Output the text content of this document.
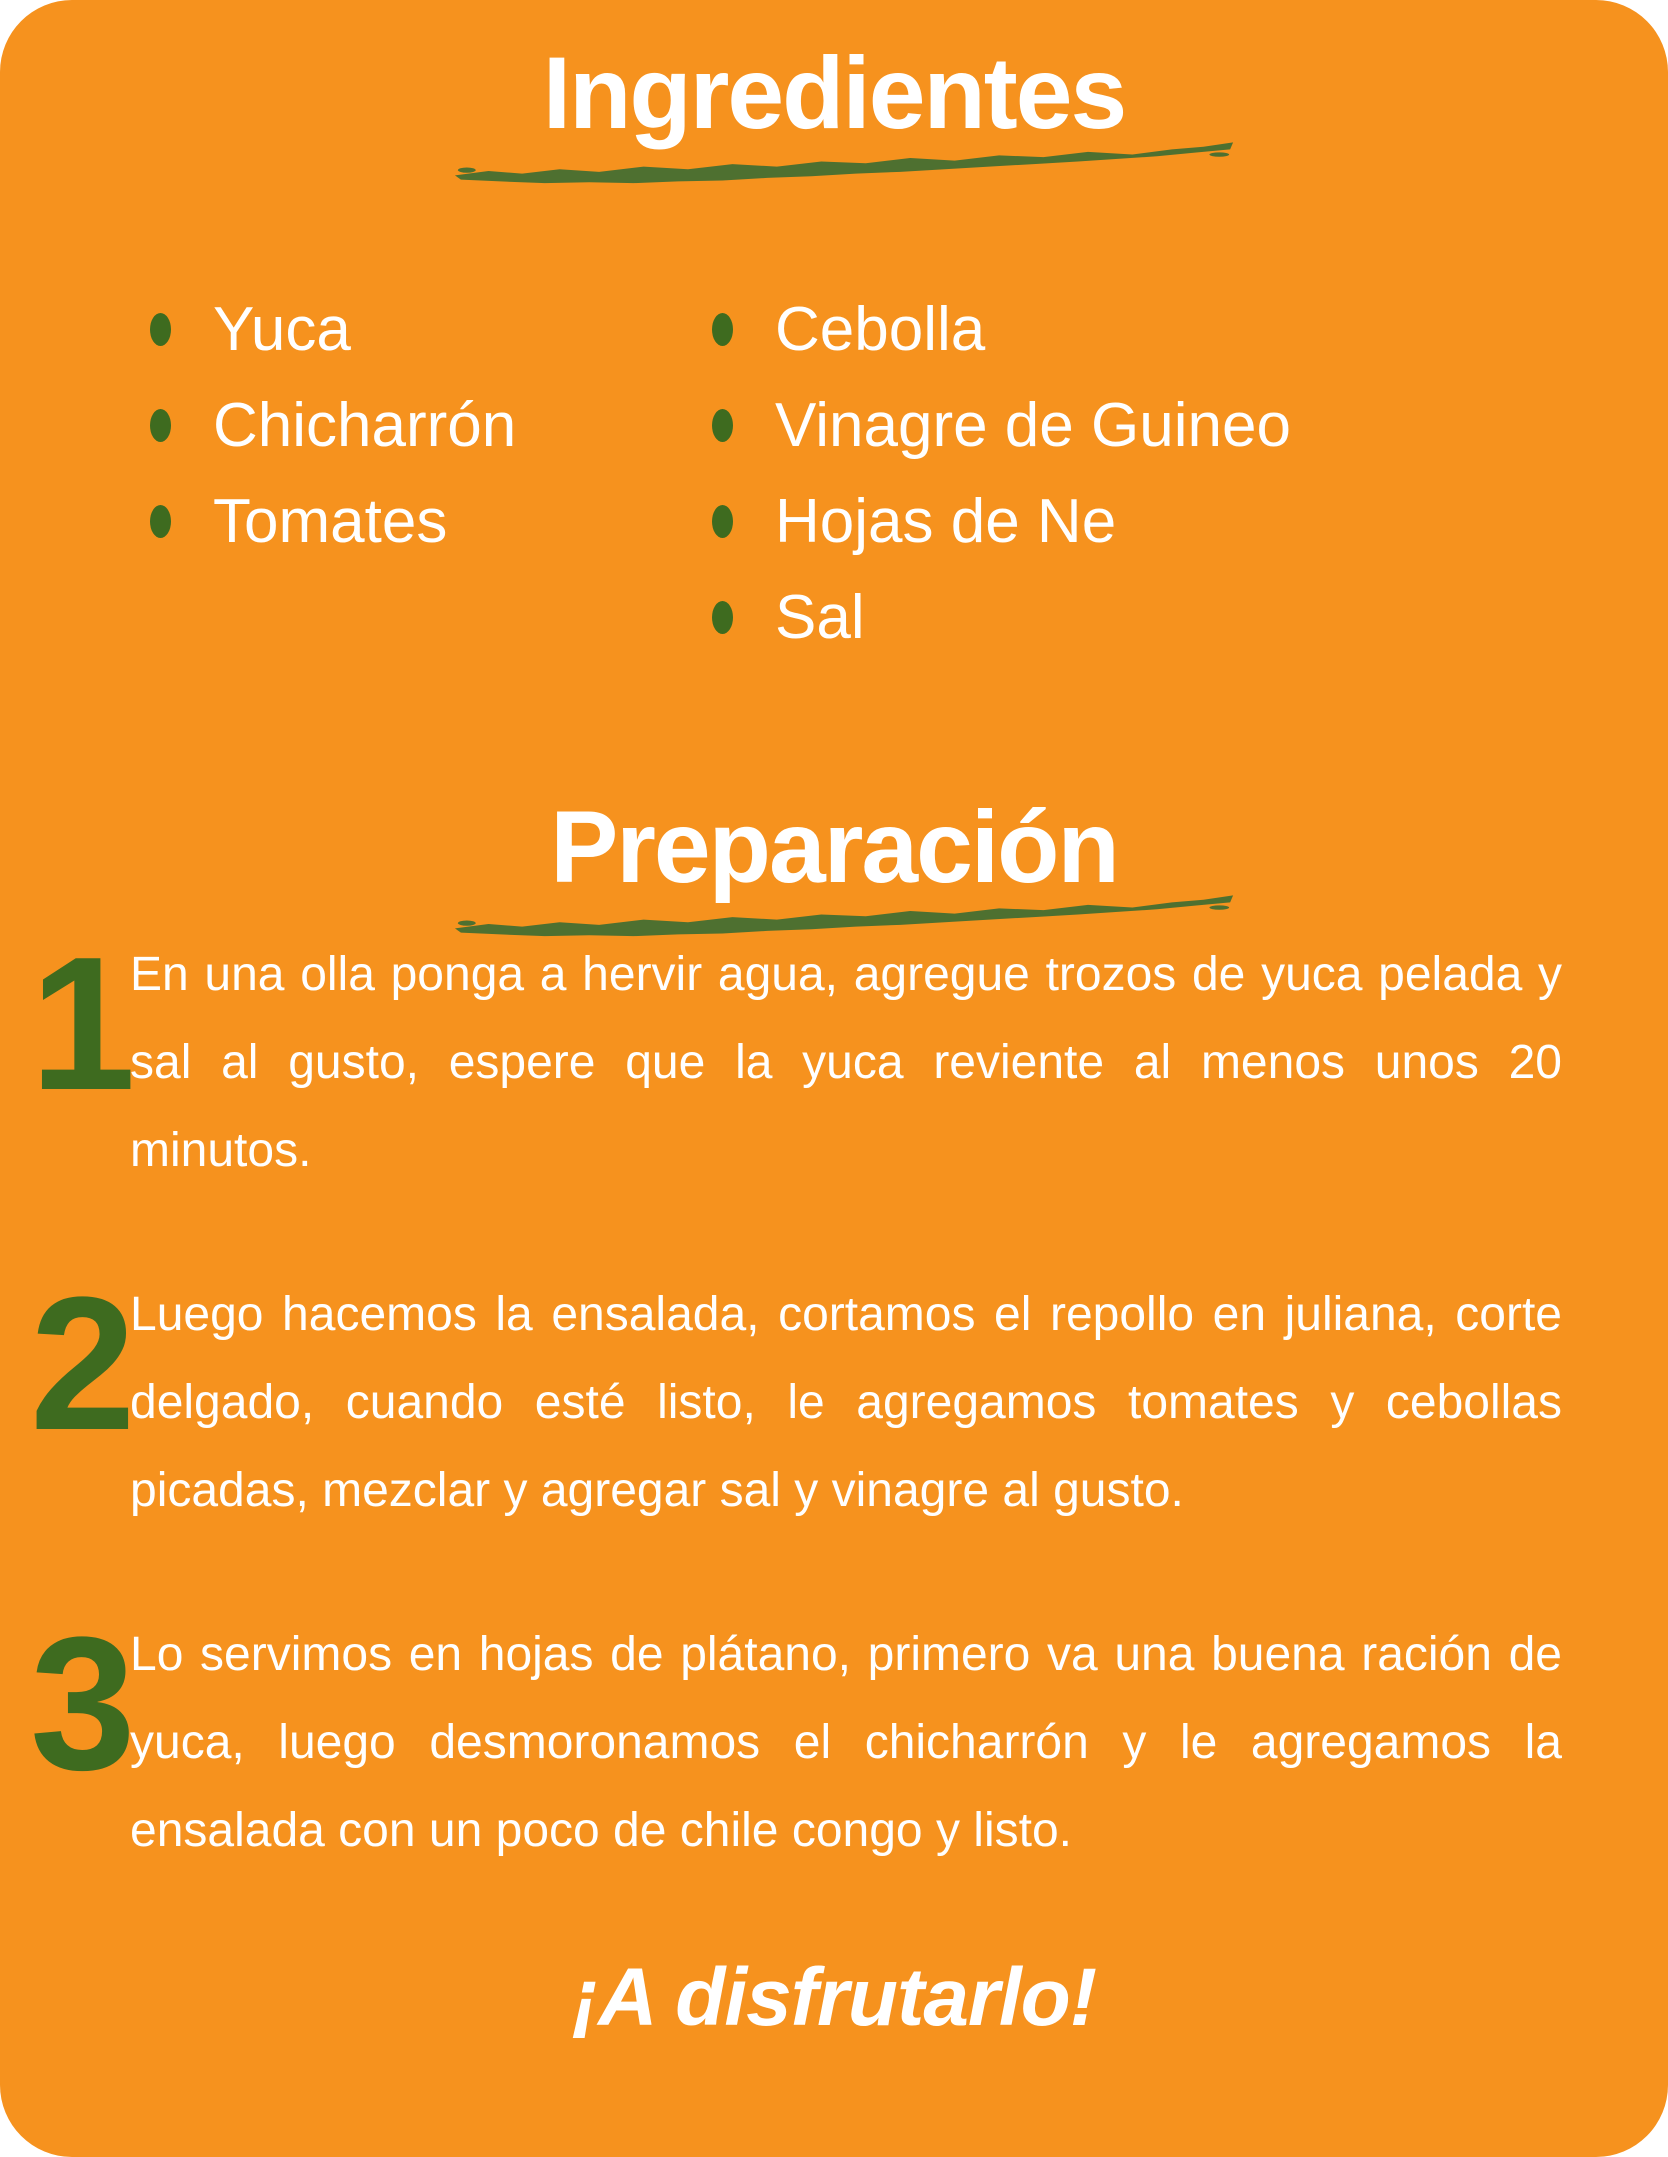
Ingredientes
Yuca
Chicharrón
Tomates
Cebolla
Vinagre de Guineo
Hojas de Ne
Sal
Preparación
1

En una olla ponga a hervir agua, agregue trozos de yuca pelada y sal al gusto, espere que la yuca reviente al menos unos 20 minutos.

2

Luego hacemos la ensalada, cortamos el repollo en juliana, corte delgado, cuando esté listo, le agregamos tomates y cebollas picadas, mezclar y agregar sal y vinagre al gusto.

3

Lo servimos en hojas de plátano, primero va una buena ración de yuca, luego desmoronamos el chicharrón y le agregamos la ensalada con un poco de chile congo y listo.

¡A disfrutarlo!
